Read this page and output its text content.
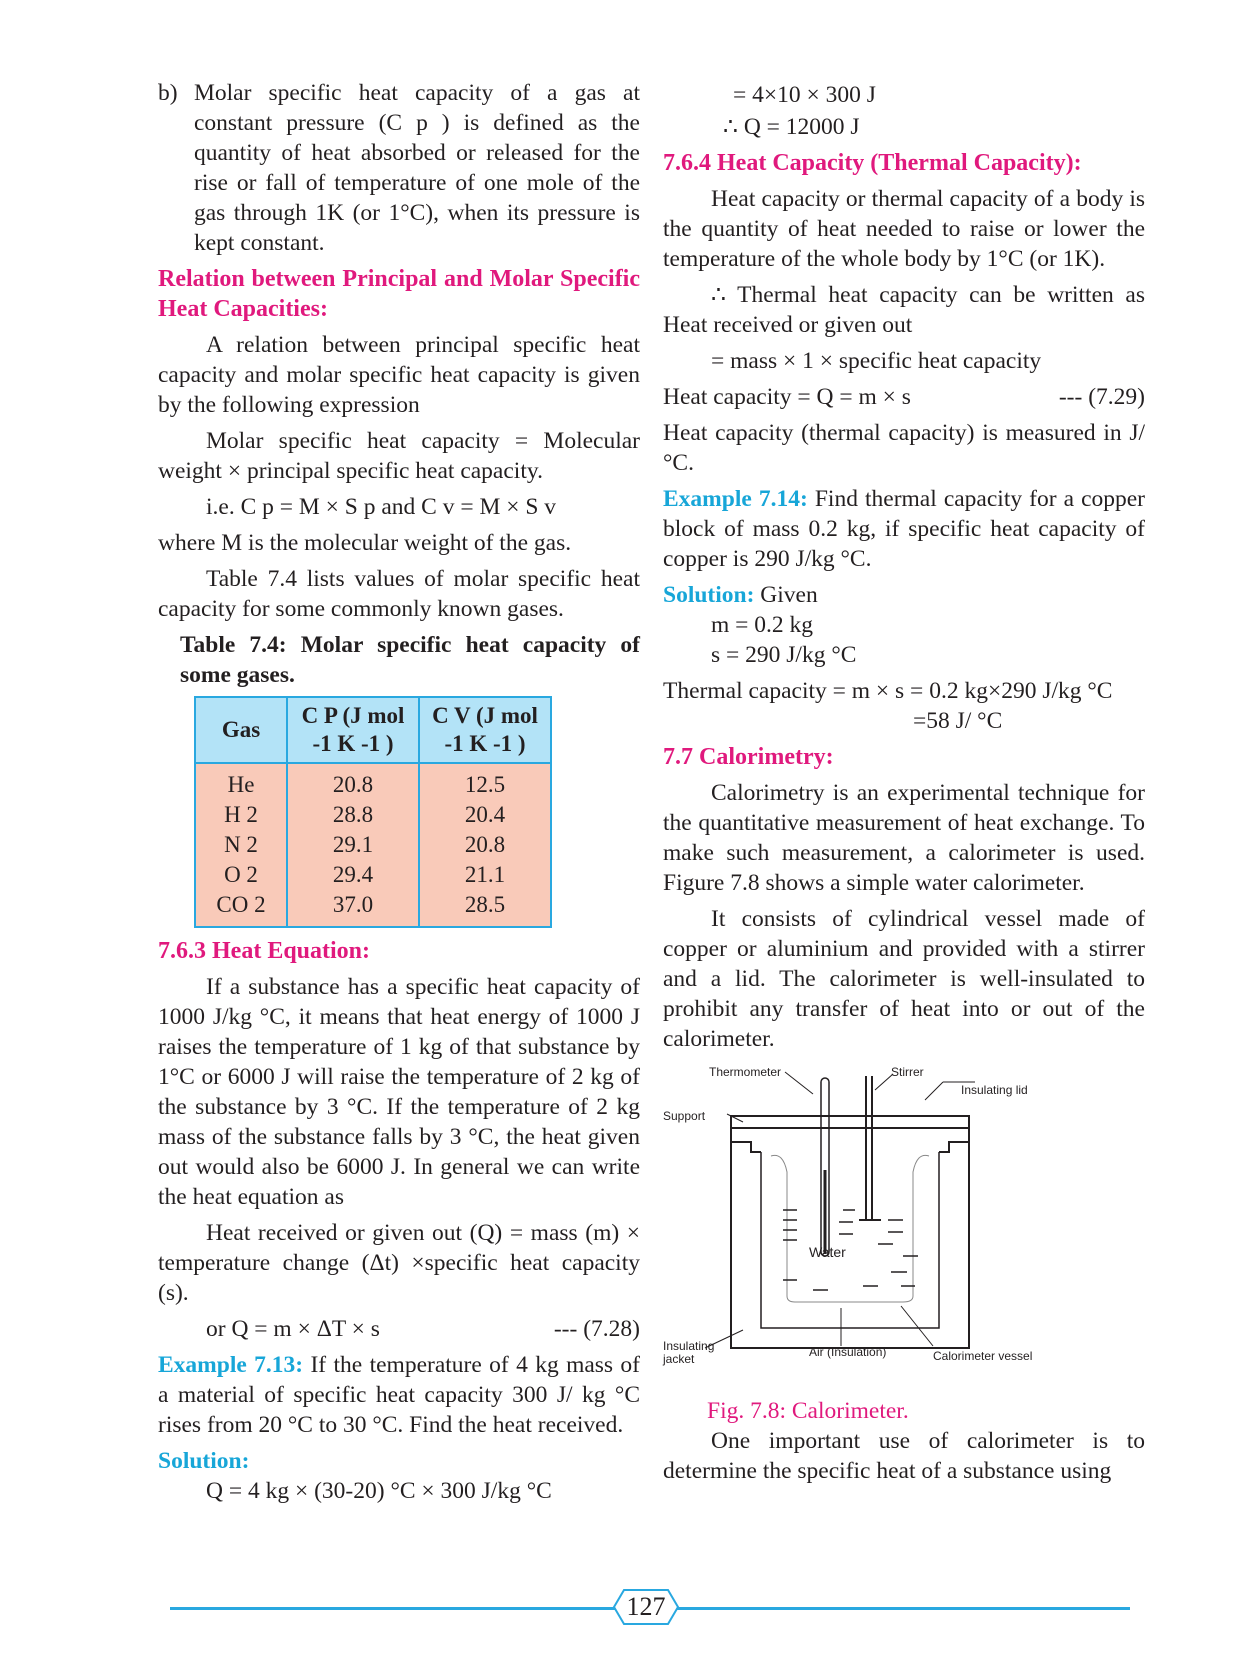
b) Molar specific heat capacity of a gas at constant pressure (C p ) is defined as the quantity of heat absorbed or released for the rise or fall of temperature of one mole of the gas through 1K (or 1°C), when its pressure is kept constant.

Relation between Principal and Molar Specific Heat Capacities:

A relation between principal specific heat capacity and molar specific heat capacity is given by the following expression

Molar specific heat capacity = Molecular weight × principal specific heat capacity.

i.e. C p = M × S p and C v = M × S v

where M is the molecular weight of the gas.

Table 7.4 lists values of molar specific heat capacity for some commonly known gases.

Table 7.4: Molar specific heat capacity of some gases.

Gas	C P (J mol -1 K -1 )	C V (J mol -1 K -1 )
He	20.8	12.5
H 2	28.8	20.4
N 2	29.1	20.8
O 2	29.4	21.1
CO 2	37.0	28.5

7.6.3 Heat Equation:

If a substance has a specific heat capacity of 1000 J/kg °C, it means that heat energy of 1000 J raises the temperature of 1 kg of that substance by 1°C or 6000 J will raise the temperature of 2 kg of the substance by 3 °C. If the temperature of 2 kg mass of the substance falls by 3 °C, the heat given out would also be 6000 J. In general we can write the heat equation as

Heat received or given out (Q) = mass (m) × temperature change (Δt) ×specific heat capacity (s).

or Q = m × ΔT × s	--- (7.28)

Example 7.13: If the temperature of 4 kg mass of a material of specific heat capacity 300 J/ kg °C rises from 20 °C to 30 °C. Find the heat received.

Solution:

Q = 4 kg × (30-20) °C × 300 J/kg °C

= 4×10 × 300 J

∴ Q = 12000 J

7.6.4 Heat Capacity (Thermal Capacity):

Heat capacity or thermal capacity of a body is the quantity of heat needed to raise or lower the temperature of the whole body by 1°C (or 1K).

∴ Thermal heat capacity can be written as Heat received or given out

= mass × 1 × specific heat capacity

Heat capacity = Q = m × s	--- (7.29)

Heat capacity (thermal capacity) is measured in J/°C.

Example 7.14: Find thermal capacity for a copper block of mass 0.2 kg, if specific heat capacity of copper is 290 J/kg °C.

Solution: Given

m = 0.2 kg

s = 290 J/kg °C

Thermal capacity = m × s = 0.2 kg×290 J/kg °C

=58 J/ °C

7.7 Calorimetry:

Calorimetry is an experimental technique for the quantitative measurement of heat exchange. To make such measurement, a calorimeter is used. Figure 7.8 shows a simple water calorimeter.

It consists of cylindrical vessel made of copper or aluminium and provided with a stirrer and a lid. The calorimeter is well-insulated to prohibit any transfer of heat into or out of the calorimeter.

Thermometer	Stirrer
Insulating lid
Support
Water
Insulating jacket	Air (Insulation)	Calorimeter vessel

Fig. 7.8: Calorimeter.

One important use of calorimeter is to determine the specific heat of a substance using

127
